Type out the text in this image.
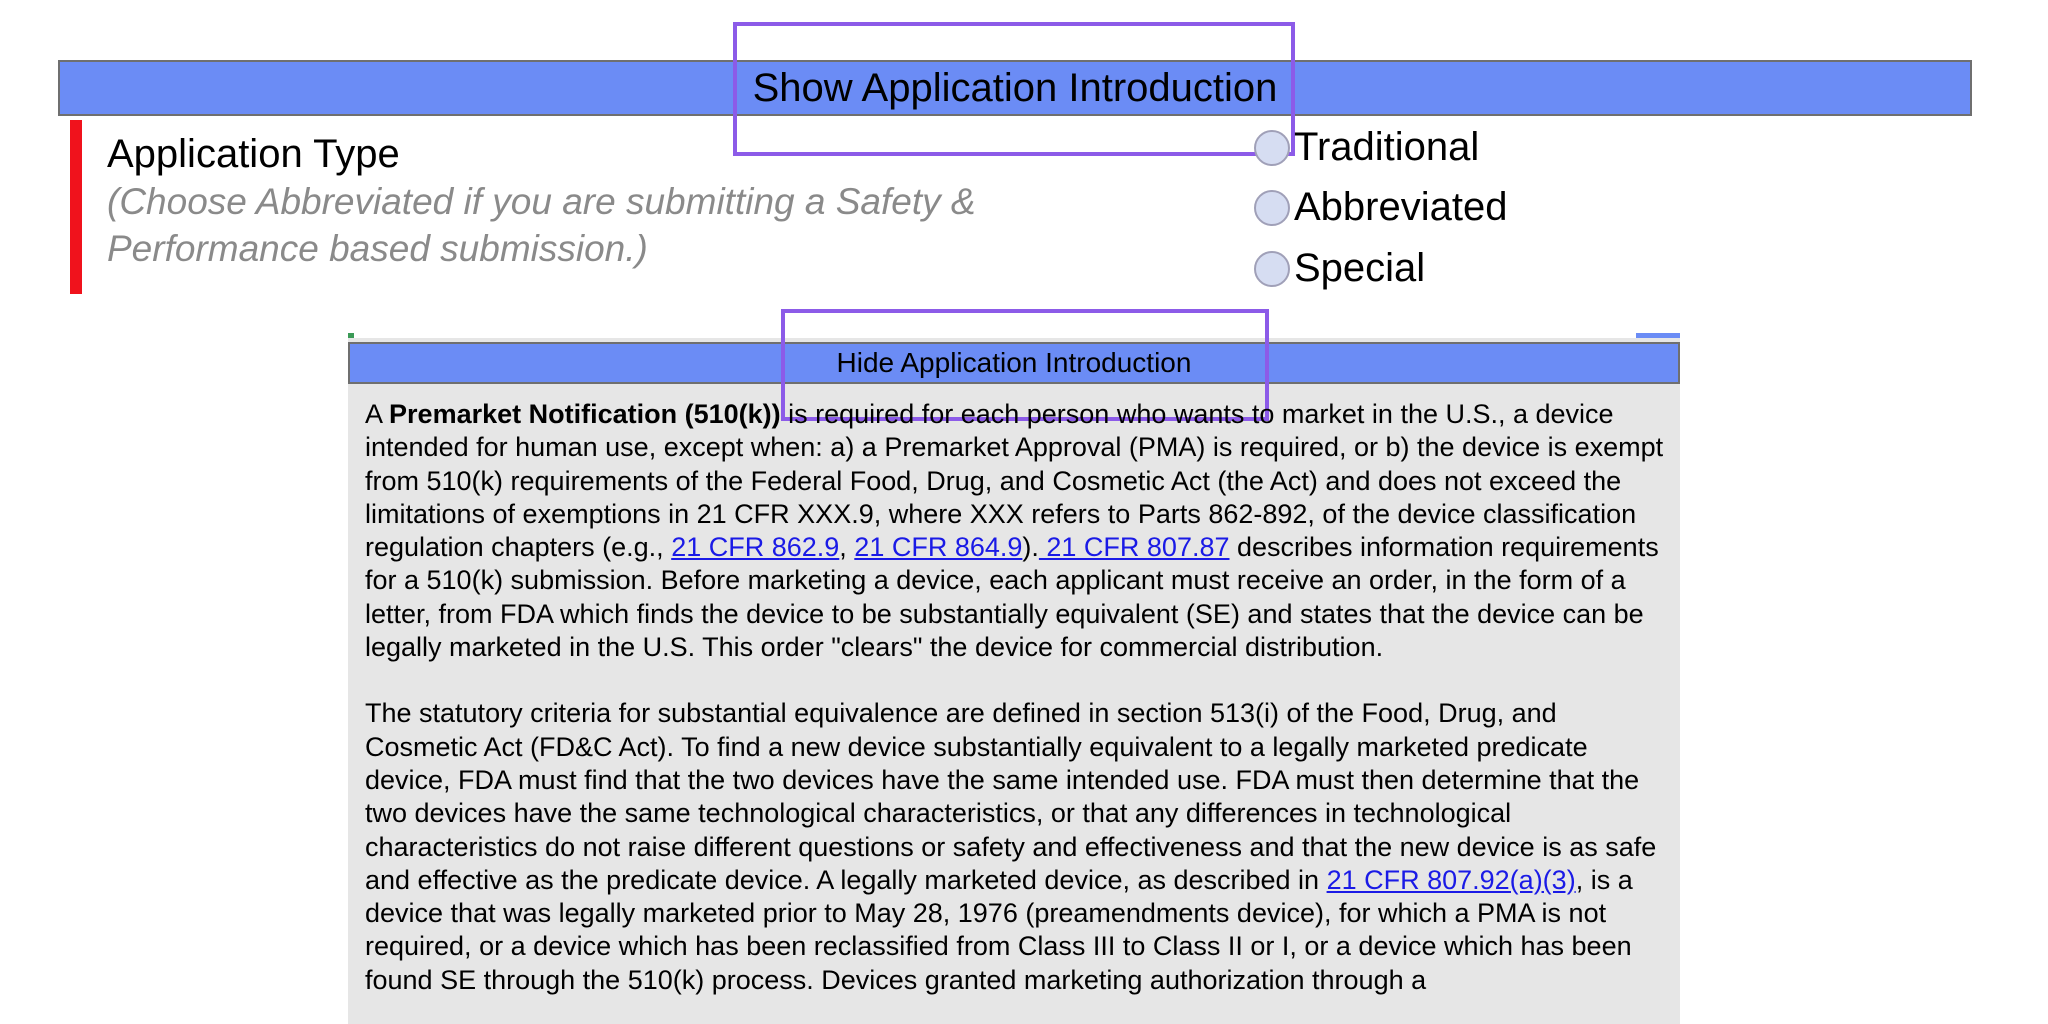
Show Application Introduction
Application Type
(Choose Abbreviated if you are submitting a Safety & Performance based submission.)
Traditional
Abbreviated
Special
Hide Application Introduction

A Premarket Notification (510(k)) is required for each person who wants to market in the U.S., a device intended for human use, except when: a) a Premarket Approval (PMA) is required, or b) the device is exempt from 510(k) requirements of the Federal Food, Drug, and Cosmetic Act (the Act) and does not exceed the limitations of exemptions in 21 CFR XXX.9, where XXX refers to Parts 862-892, of the device classification regulation chapters (e.g., 21 CFR 862.9, 21 CFR 864.9). 21 CFR 807.87 describes information requirements for a 510(k) submission. Before marketing a device, each applicant must receive an order, in the form of a letter, from FDA which finds the device to be substantially equivalent (SE) and states that the device can be legally marketed in the U.S. This order "clears" the device for commercial distribution.

The statutory criteria for substantial equivalence are defined in section 513(i) of the Food, Drug, and Cosmetic Act (FD&C Act). To find a new device substantially equivalent to a legally marketed predicate device, FDA must find that the two devices have the same intended use. FDA must then determine that the two devices have the same technological characteristics, or that any differences in technological characteristics do not raise different questions or safety and effectiveness and that the new device is as safe and effective as the predicate device. A legally marketed device, as described in 21 CFR 807.92(a)(3), is a device that was legally marketed prior to May 28, 1976 (preamendments device), for which a PMA is not required, or a device which has been reclassified from Class III to Class II or I, or a device which has been found SE through the 510(k) process. Devices granted marketing authorization through a
